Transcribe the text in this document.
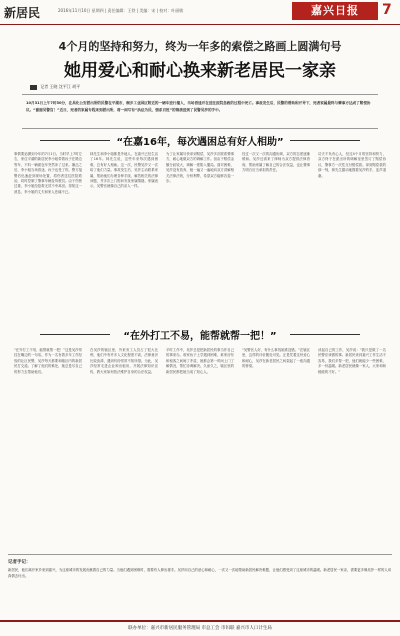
新居民	2016年11月10日 星期四 | 责任编辑：王铁 | 美编：宋 | 校对：叶丽敏	嘉兴日报	7
4个月的坚持和努力，终为一年多的索偿之路画上圆满句号
她用爱心和耐心换来新老居民一家亲
记者 王晓 沈平江 胡平
10月31日上午7时50分，在昌化公安派出所的民警在平湖市，桐乡工业园区附近的一辆车逆行撞人，当场昏迷并在送往医院急救的过程中死亡。事故发生后，民警的帮助和开导下，死者家属最终与肇事方达成了赔偿协议。“谢谢吴警官！”近日，死者的家属专程来到派出所，将一面写有“执法为民，情系百姓”的锦旗送到了民警吴莎的手中。
“在嘉16年，每次遇困总有好人相助”
事情要追溯到今年的7月1日。当时早上7时左右，家住平湖的新居民李小姐带着孩子在路边等车，不料一辆面包车突然冲了过来。撞击之后，李小姐当场昏迷，孩子也受了伤。警方接警后迅速赶到现场处置，将伤者送往医院救治，同时控制了肇事车辆及驾驶员。由于伤势过重，李小姐经抢救无效不幸离世。得知这一消息，李小姐的丈夫和家人悲痛不已。
林先生和李小姐都是外地人，在嘉兴已经生活了16年。林先生说，这些年来每次遇到困难，总有好人相助。这一次，民警吴莎又一次给了他们力量。事故发生后，吴莎主动联系家属，帮助他们办理各种手续，解答相关的法律问题，并多次上门慰问安抚家属情绪。家属表示，吴警官就像自己的亲人一样。
为了让家属尽快拿到赔偿，吴莎多次联系肇事方，耐心地做双方的调解工作。但由于赔偿金额分歧较大，调解一度陷入僵局。面对困难，吴莎没有放弃，她一遍又一遍地向双方讲解相关法律法规，分析利弊，希望双方能够各退一步。
经过一次又一次的沟通协调，双方的态度逐渐缓和。吴莎还请来了律师为双方提供法律咨询，帮助家属了解自己的合法权益，也让肇事方明白应当承担的责任。
功夫不负有心人，经过4个月的坚持和努力，双方终于在派出所的调解室里签订了赔偿协议，肇事方一次性支付赔偿款。拿到赔偿款的那一刻，林先生激动地握着吴莎的手，连声道谢。
“在外打工不易，能帮就帮一把！”
“在外打工不易，能帮就帮一把！”这是吴莎常挂在嘴边的一句话。作为一名有着多年工作经验的社区民警，吴莎每天都要和辖区内的新居民打交道。了解了他们的难处，她总是尽自己的努力去帮助他们。
在吴莎的辖区里，外来务工人员占了很大比例，他们中有许多人文化程度不高，法律意识比较淡薄，遇到纠纷常常不知所措。为此，吴莎经常走进企业和出租房，开展法律知识宣传，教大家如何依法维护自身的合法权益。
平时工作中，吴莎总是把新居民的事当作自己的事来办。谁家孩子上学遇到困难，谁家房东和租客之间闹了矛盾，她都会第一时间上门了解情况，帮忙协调解决。久而久之，辖区里的新居民都把她当成了知心人。
“吴警官人好，有什么事找她准没错。”在辖区里，这样的评价随处可见。正是凭着这份爱心和耐心，吴莎在新老居民之间架起了一座沟通的桥梁。
谈起自己的工作，吴莎说：“我只是做了一名民警应该做的事。新居民来到嘉兴工作生活不容易，我们多帮一把，他们就能少一些困难，多一份温暖。新老居民就像一家人，大家和和睦睦的才好。”
记者手记：
新居民，他们离开家乡来到嘉兴，为这座城市的发展贡献着自己的力量。当他们遇到困难时，需要有人伸出援手。吴莎用自己的爱心和耐心，一次又一次地帮助新居民解决难题，让他们感受到了这座城市的温暖。新老居民一家亲，需要更多像吴莎一样的人用真情去付出。
联办单位：嘉兴市新居民服务管理局 市总工会 市妇联 嘉兴市人口计生局
